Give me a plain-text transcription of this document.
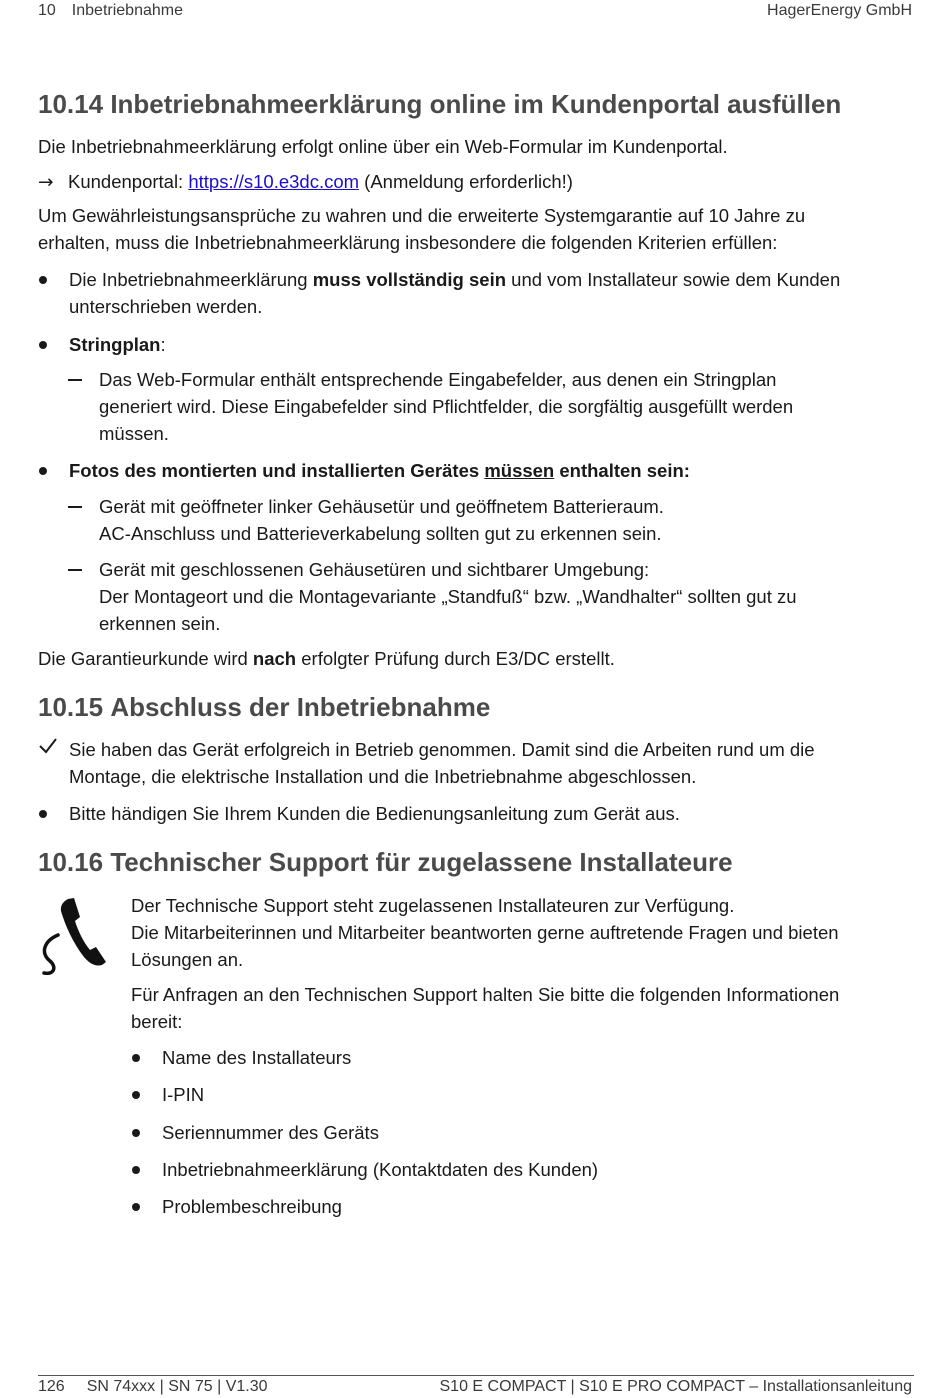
10 Inbetriebnahme	HagerEnergy GmbH
10.14 Inbetriebnahmeerklärung online im Kundenportal ausfüllen
Die Inbetriebnahmeerklärung erfolgt online über ein Web-Formular im Kundenportal.
→ Kundenportal: https://s10.e3dc.com (Anmeldung erforderlich!)
Um Gewährleistungsansprüche zu wahren und die erweiterte Systemgarantie auf 10 Jahre zu
erhalten, muss die Inbetriebnahmeerklärung insbesondere die folgenden Kriterien erfüllen:
Die Inbetriebnahmeerklärung muss vollständig sein und vom Installateur sowie dem Kunden
unterschrieben werden.
Stringplan:
Das Web-Formular enthält entsprechende Eingabefelder, aus denen ein Stringplan
generiert wird. Diese Eingabefelder sind Pflichtfelder, die sorgfältig ausgefüllt werden
müssen.
Fotos des montierten und installierten Gerätes müssen enthalten sein:
Gerät mit geöffneter linker Gehäusetür und geöffnetem Batterieraum.
AC-Anschluss und Batterieverkabelung sollten gut zu erkennen sein.
Gerät mit geschlossenen Gehäusetüren und sichtbarer Umgebung:
Der Montageort und die Montagevariante „Standfuß“ bzw. „Wandhalter“ sollten gut zu
erkennen sein.
Die Garantieurkunde wird nach erfolgter Prüfung durch E3/DC erstellt.
10.15 Abschluss der Inbetriebnahme
Sie haben das Gerät erfolgreich in Betrieb genommen. Damit sind die Arbeiten rund um die
Montage, die elektrische Installation und die Inbetriebnahme abgeschlossen.
Bitte händigen Sie Ihrem Kunden die Bedienungsanleitung zum Gerät aus.
10.16 Technischer Support für zugelassene Installateure
Der Technische Support steht zugelassenen Installateuren zur Verfügung.
Die Mitarbeiterinnen und Mitarbeiter beantworten gerne auftretende Fragen und bieten
Lösungen an.
Für Anfragen an den Technischen Support halten Sie bitte die folgenden Informationen
bereit:
Name des Installateurs
I-PIN
Seriennummer des Geräts
Inbetriebnahmeerklärung (Kontaktdaten des Kunden)
Problembeschreibung
126 SN 74xxx | SN 75 | V1.30	S10 E COMPACT | S10 E PRO COMPACT – Installationsanleitung
